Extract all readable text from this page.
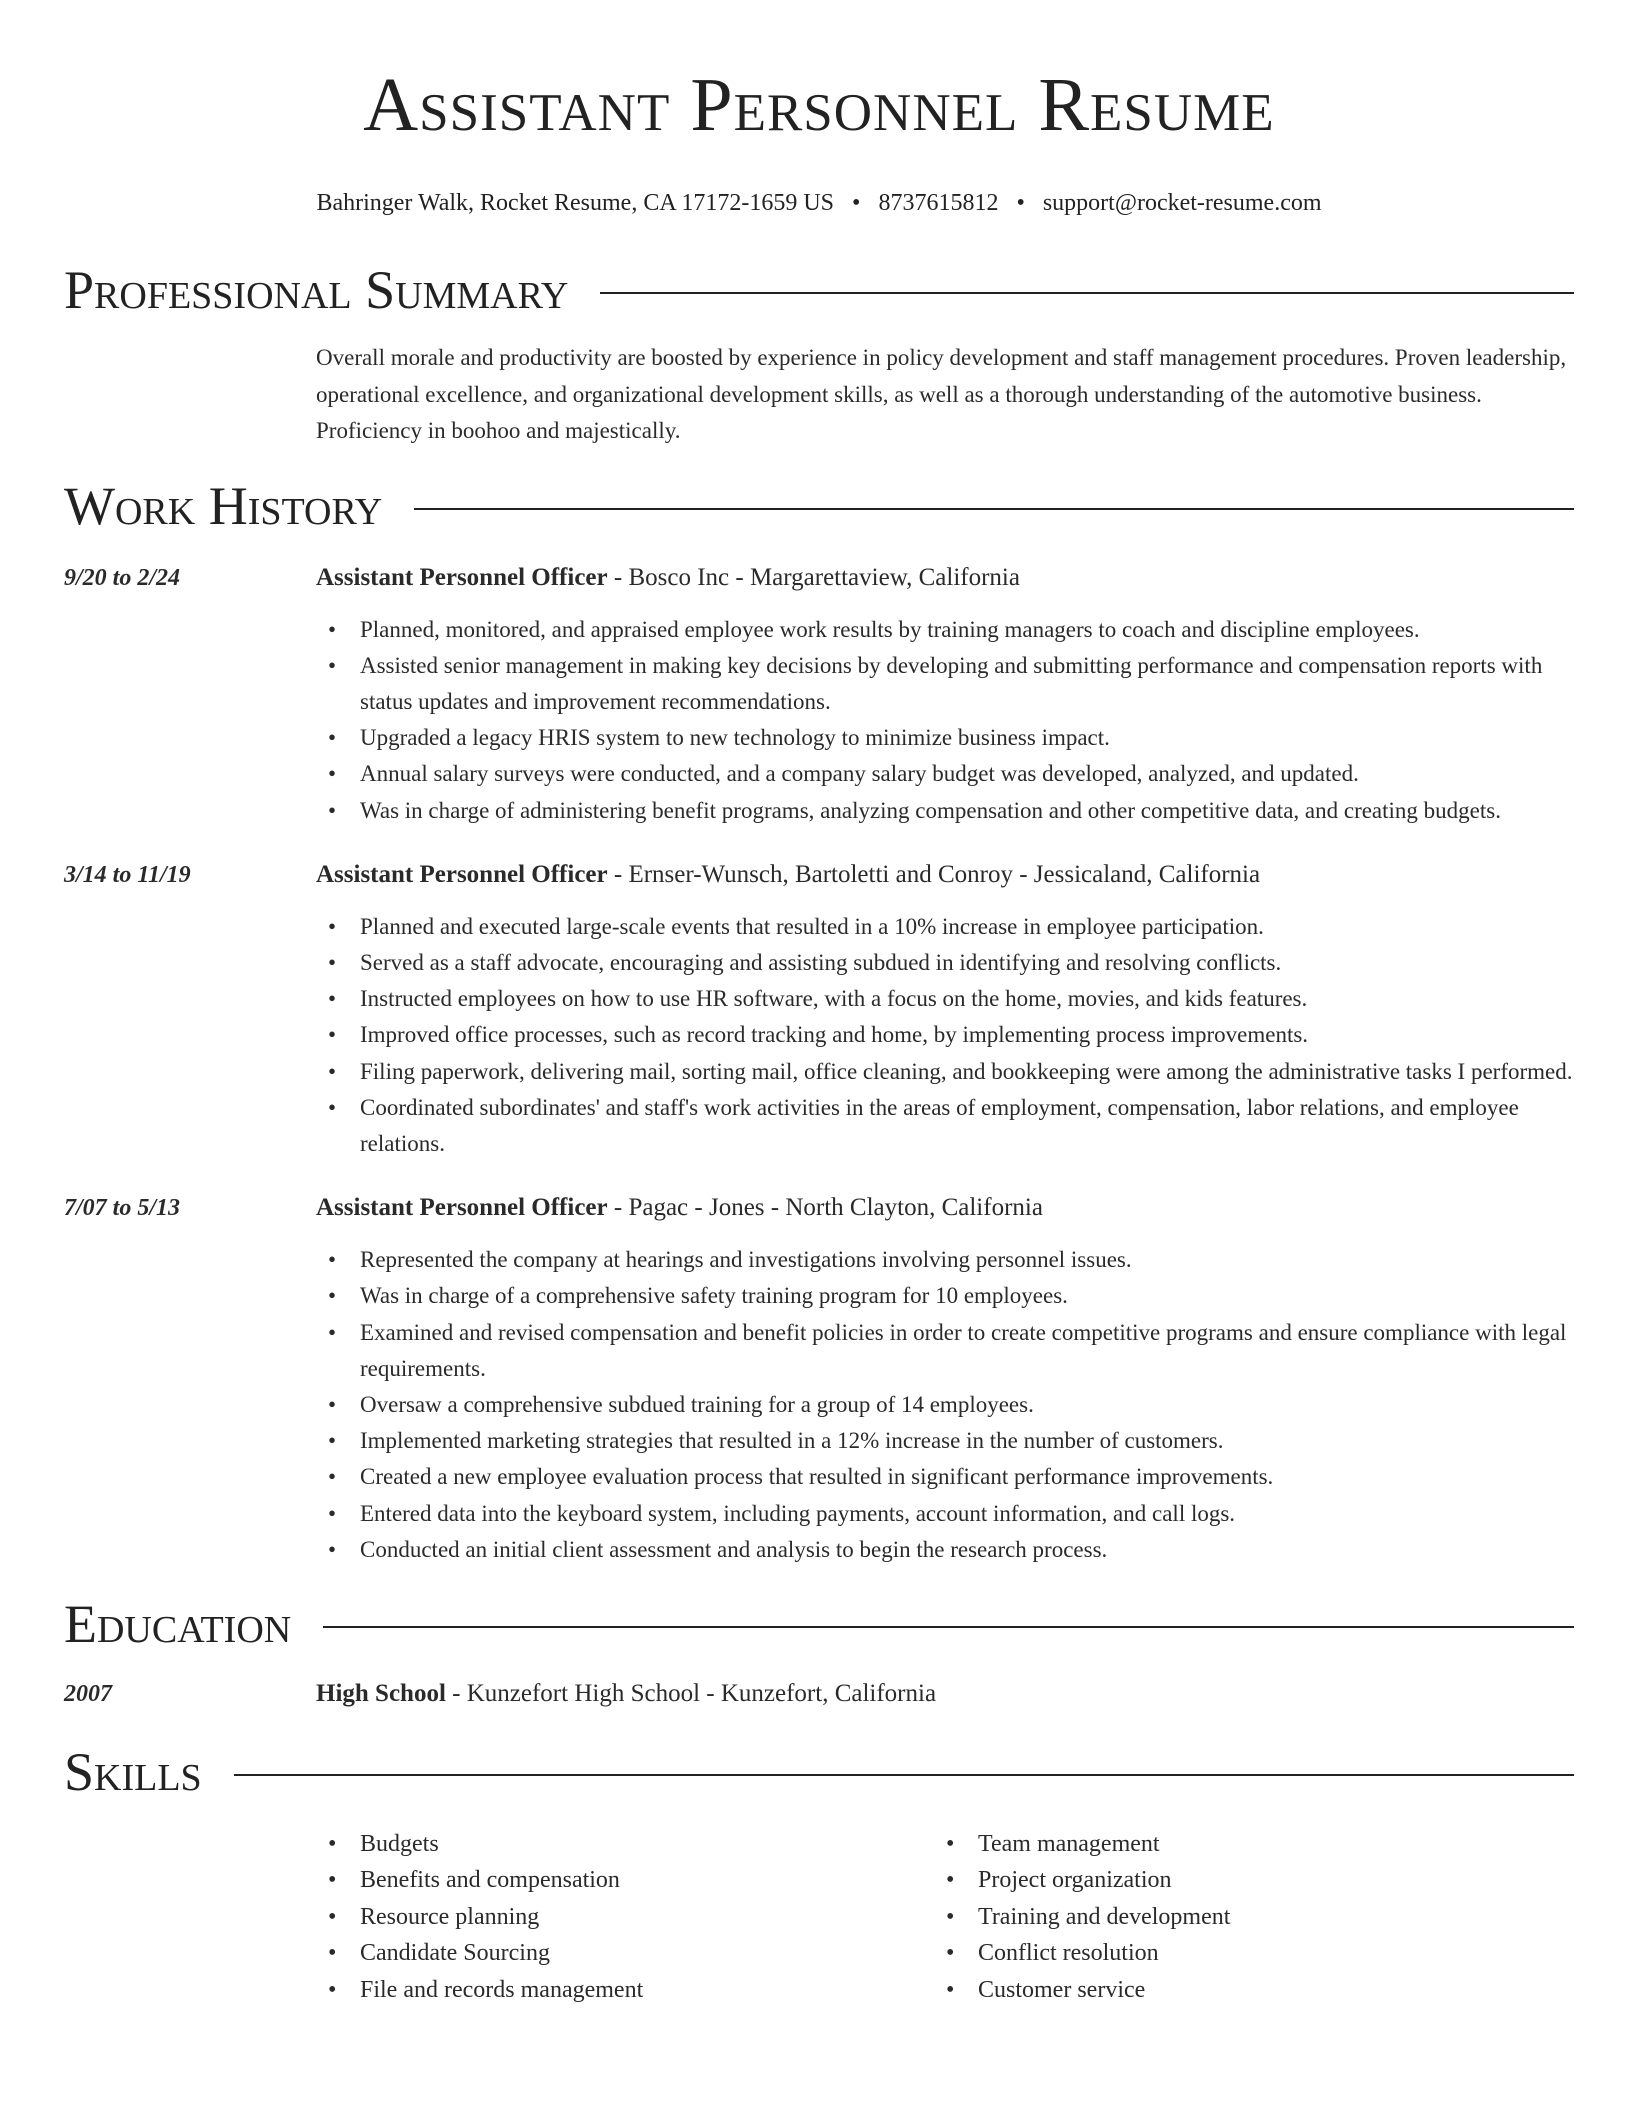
Assistant Personnel Resume
Bahringer Walk, Rocket Resume, CA 17172-1659 US • 8737615812 • support@rocket-resume.com
Professional Summary

Overall morale and productivity are boosted by experience in policy development and staff management procedures. Proven leadership, operational excellence, and organizational development skills, as well as a thorough understanding of the automotive business. Proficiency in boohoo and majestically.

Work History
9/20 to 2/24	Assistant Personnel Officer - Bosco Inc - Margarettaview, California
• Planned, monitored, and appraised employee work results by training managers to coach and discipline employees.
• Assisted senior management in making key decisions by developing and submitting performance and compensation reports with status updates and improvement recommendations.
• Upgraded a legacy HRIS system to new technology to minimize business impact.
• Annual salary surveys were conducted, and a company salary budget was developed, analyzed, and updated.
• Was in charge of administering benefit programs, analyzing compensation and other competitive data, and creating budgets.
3/14 to 11/19	Assistant Personnel Officer - Ernser-Wunsch, Bartoletti and Conroy - Jessicaland, California
• Planned and executed large-scale events that resulted in a 10% increase in employee participation.
• Served as a staff advocate, encouraging and assisting subdued in identifying and resolving conflicts.
• Instructed employees on how to use HR software, with a focus on the home, movies, and kids features.
• Improved office processes, such as record tracking and home, by implementing process improvements.
• Filing paperwork, delivering mail, sorting mail, office cleaning, and bookkeeping were among the administrative tasks I performed.
• Coordinated subordinates' and staff's work activities in the areas of employment, compensation, labor relations, and employee relations.
7/07 to 5/13	Assistant Personnel Officer - Pagac - Jones - North Clayton, California
• Represented the company at hearings and investigations involving personnel issues.
• Was in charge of a comprehensive safety training program for 10 employees.
• Examined and revised compensation and benefit policies in order to create competitive programs and ensure compliance with legal requirements.
• Oversaw a comprehensive subdued training for a group of 14 employees.
• Implemented marketing strategies that resulted in a 12% increase in the number of customers.
• Created a new employee evaluation process that resulted in significant performance improvements.
• Entered data into the keyboard system, including payments, account information, and call logs.
• Conducted an initial client assessment and analysis to begin the research process.
Education
2007	High School - Kunzefort High School - Kunzefort, California
Skills
• Budgets
• Benefits and compensation
• Resource planning
• Candidate Sourcing
• File and records management
• Team management
• Project organization
• Training and development
• Conflict resolution
• Customer service
